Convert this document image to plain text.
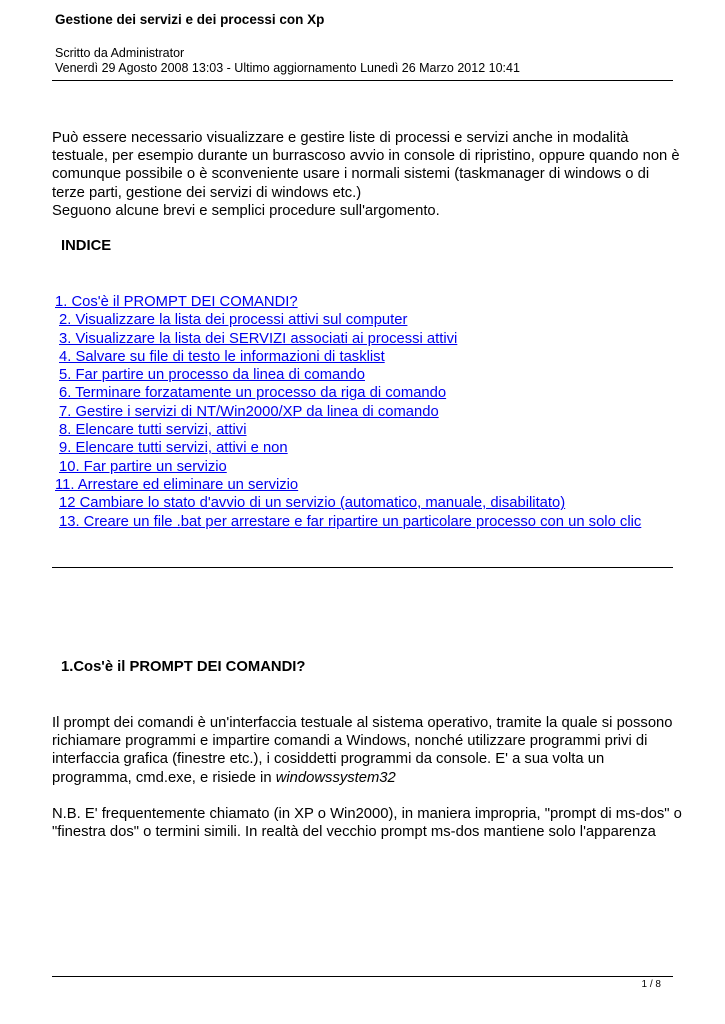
Gestione dei servizi e dei processi con Xp
Scritto da Administrator
Venerdì 29 Agosto 2008 13:03 - Ultimo aggiornamento Lunedì 26 Marzo 2012 10:41

Può essere necessario visualizzare e gestire liste di processi e servizi anche in modalità testuale, per esempio durante un burrascoso avvio in console di ripristino, oppure quando non è comunque possibile o è sconveniente usare i normali sistemi (taskmanager di windows o di terze parti, gestione dei servizi di windows etc.)

Seguono alcune brevi e semplici procedure sull'argomento.

INDICE
1. Cos'è il PROMPT DEI COMANDI?
2. Visualizzare la lista dei processi attivi sul computer
3. Visualizzare la lista dei SERVIZI associati ai processi attivi
4. Salvare su file di testo le informazioni di tasklist
5. Far partire un processo da linea di comando
6. Terminare forzatamente un processo da riga di comando
7. Gestire i servizi di NT/Win2000/XP da linea di comando
8. Elencare tutti servizi, attivi
9. Elencare tutti servizi, attivi e non
10. Far partire un servizio
11. Arrestare ed eliminare un servizio
12 Cambiare lo stato d'avvio di un servizio (automatico, manuale, disabilitato)
13. Creare un file .bat per arrestare e far ripartire un particolare processo con un solo clic
1.Cos'è il PROMPT DEI COMANDI?

Il prompt dei comandi è un'interfaccia testuale al sistema operativo, tramite la quale si possono richiamare programmi e impartire comandi a Windows, nonché utilizzare programmi privi di interfaccia grafica (finestre etc.), i cosiddetti programmi da console. E' a sua volta un programma, cmd.exe, e risiede in windowssystem32

N.B. E' frequentemente chiamato (in XP o Win2000), in maniera impropria, "prompt di ms-dos" o "finestra dos" o termini simili. In realtà del vecchio prompt ms-dos mantiene solo l'apparenza

1 / 8
